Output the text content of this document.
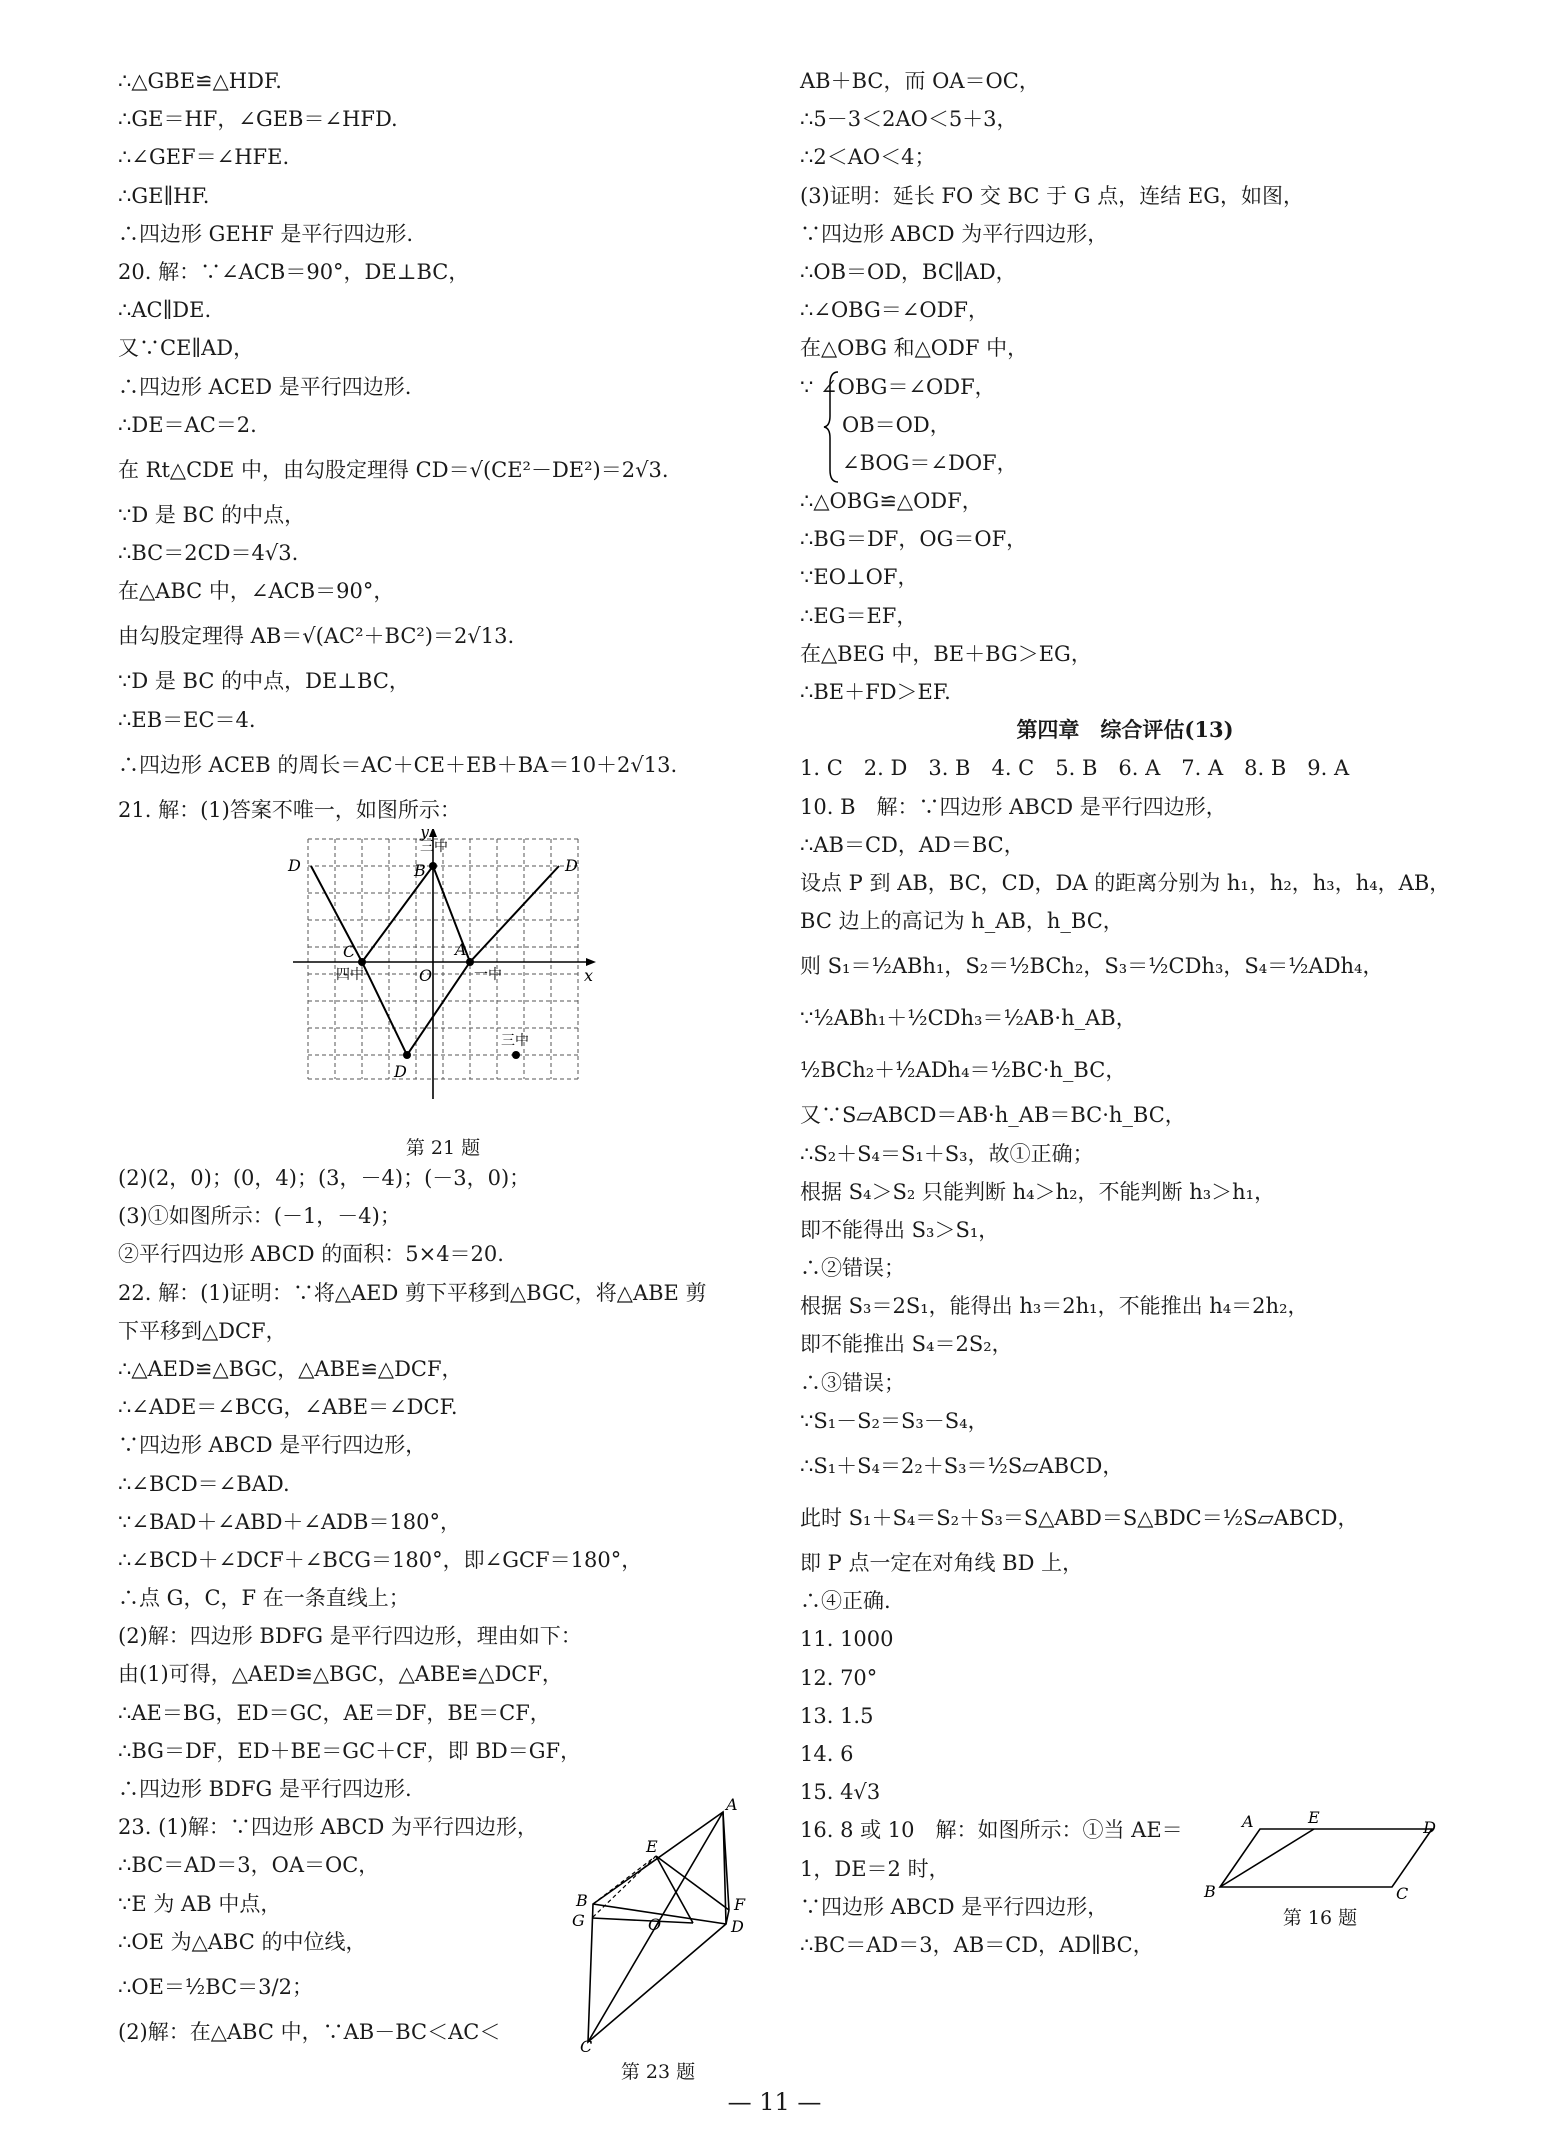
∴△GBE≌△HDF.
∴GE＝HF，∠GEB＝∠HFD.
∴∠GEF＝∠HFE.
∴GE∥HF.
∴四边形 GEHF 是平行四边形.
20. 解：∵∠ACB＝90°，DE⊥BC，
∴AC∥DE.
又∵CE∥AD，
∴四边形 ACED 是平行四边形.
∴DE＝AC＝2.
在 Rt△CDE 中，由勾股定理得 CD＝√(CE²－DE²)＝2√3.
∵D 是 BC 的中点，
∴BC＝2CD＝4√3.
在△ABC 中，∠ACB＝90°，
由勾股定理得 AB＝√(AC²＋BC²)＝2√13.
∵D 是 BC 的中点，DE⊥BC，
∴EB＝EC＝4.
∴四边形 ACEB 的周长＝AC＋CE＋EB＋BA＝10＋2√13.
21. 解：(1)答案不唯一，如图所示：
D	B
三中
D
C
四中	O
A
一中	x
y
D
三中
第 21 题
(2)(2，0)；(0，4)；(3，－4)；(－3，0)；
(3)①如图所示：(－1，－4)；
②平行四边形 ABCD 的面积：5×4＝20.
22. 解：(1)证明：∵将△AED 剪下平移到△BGC，将△ABE 剪
下平移到△DCF，
∴△AED≌△BGC，△ABE≌△DCF，
∴∠ADE＝∠BCG，∠ABE＝∠DCF.
∵四边形 ABCD 是平行四边形，
∴∠BCD＝∠BAD.
∵∠BAD＋∠ABD＋∠ADB＝180°，
∴∠BCD＋∠DCF＋∠BCG＝180°，即∠GCF＝180°，
∴点 G，C，F 在一条直线上；
(2)解：四边形 BDFG 是平行四边形，理由如下：
由(1)可得，△AED≌△BGC，△ABE≌△DCF，
∴AE＝BG，ED＝GC，AE＝DF，BE＝CF，
∴BG＝DF，ED＋BE＝GC＋CF，即 BD＝GF，
∴四边形 BDFG 是平行四边形.
23. (1)解：∵四边形 ABCD 为平行四边形，
∴BC＝AD＝3，OA＝OC，
∵E 为 AB 中点，
∴OE 为△ABC 的中位线，
∴OE＝½BC＝3/2；
(2)解：在△ABC 中，∵AB－BC＜AC＜
A
E
F
B
G	O	D
C
第 23 题
AB＋BC，而 OA＝OC，
∴5－3＜2AO＜5＋3，
∴2＜AO＜4；
(3)证明：延长 FO 交 BC 于 G 点，连结 EG，如图，
∵四边形 ABCD 为平行四边形，
∴OB＝OD，BC∥AD，
∴∠OBG＝∠ODF，
在△OBG 和△ODF 中，
∵ ∠OBG＝∠ODF，
OB＝OD，
∠BOG＝∠DOF，
∴△OBG≌△ODF，
∴BG＝DF，OG＝OF，
∵EO⊥OF，
∴EG＝EF，
在△BEG 中，BE＋BG＞EG，
∴BE＋FD＞EF.
第四章　综合评估(13)
1. C　2. D　3. B　4. C　5. B　6. A　7. A　8. B　9. A
10. B　解：∵四边形 ABCD 是平行四边形，
∴AB＝CD，AD＝BC，
设点 P 到 AB，BC，CD，DA 的距离分别为 h₁，h₂，h₃，h₄，AB，
BC 边上的高记为 h_AB，h_BC，
则 S₁＝½ABh₁，S₂＝½BCh₂，S₃＝½CDh₃，S₄＝½ADh₄，
∵½ABh₁＋½CDh₃＝½AB·h_AB，
½BCh₂＋½ADh₄＝½BC·h_BC，
又∵S▱ABCD＝AB·h_AB＝BC·h_BC，
∴S₂＋S₄＝S₁＋S₃，故①正确；
根据 S₄＞S₂ 只能判断 h₄＞h₂，不能判断 h₃＞h₁，
即不能得出 S₃＞S₁，
∴②错误；
根据 S₃＝2S₁，能得出 h₃＝2h₁，不能推出 h₄＝2h₂，
即不能推出 S₄＝2S₂，
∴③错误；
∵S₁－S₂＝S₃－S₄，
∴S₁＋S₄＝2₂＋S₃＝½S▱ABCD，
此时 S₁＋S₄＝S₂＋S₃＝S△ABD＝S△BDC＝½S▱ABCD，
即 P 点一定在对角线 BD 上，
∴④正确.
11. 1000
12. 70°
13. 1.5
14. 6
15. 4√3
16. 8 或 10　解：如图所示：①当 AE＝
1，DE＝2 时，
∵四边形 ABCD 是平行四边形，
∴BC＝AD＝3，AB＝CD，AD∥BC，
A	E
D
B	C
第 16 题
— 11 —
